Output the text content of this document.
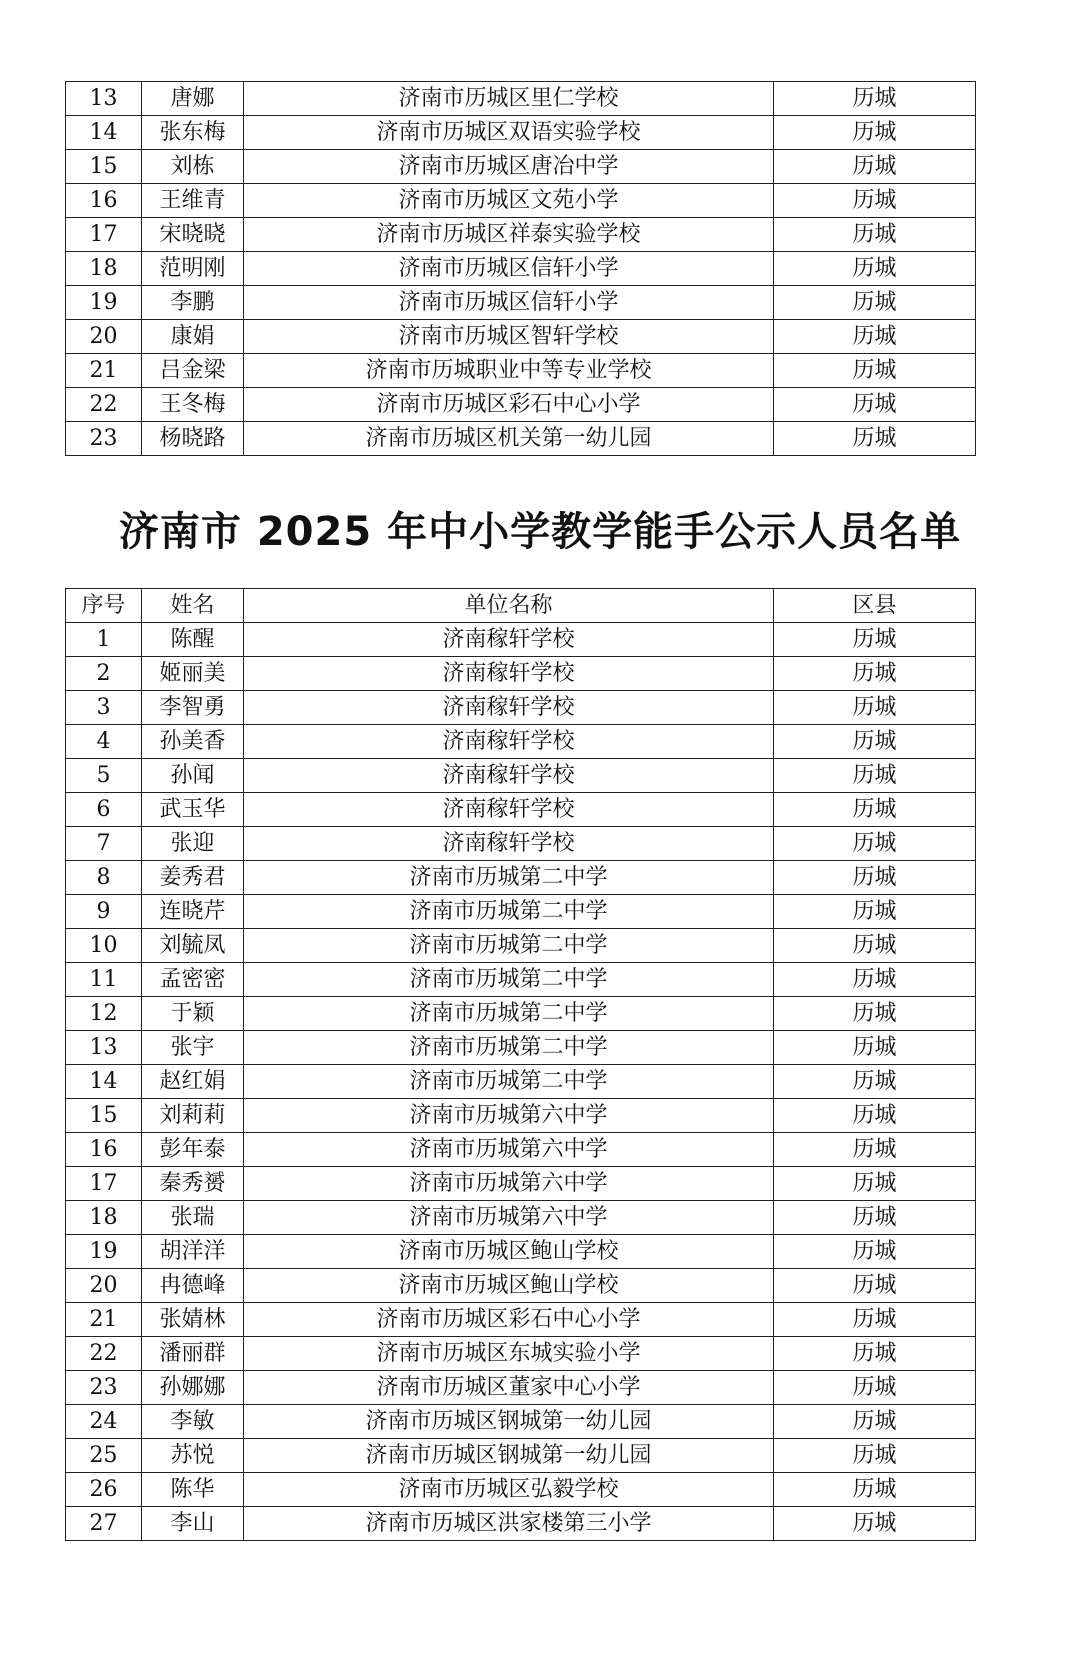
13	唐娜	济南市历城区里仁学校	历城
14	张东梅	济南市历城区双语实验学校	历城
15	刘栋	济南市历城区唐冶中学	历城
16	王维青	济南市历城区文苑小学	历城
17	宋晓晓	济南市历城区祥泰实验学校	历城
18	范明刚	济南市历城区信轩小学	历城
19	李鹏	济南市历城区信轩小学	历城
20	康娟	济南市历城区智轩学校	历城
21	吕金梁	济南市历城职业中等专业学校	历城
22	王冬梅	济南市历城区彩石中心小学	历城
23	杨晓路	济南市历城区机关第一幼儿园	历城
济南市 2025 年中小学教学能手公示人员名单
序号	姓名	单位名称	区县
1	陈醒	济南稼轩学校	历城
2	姬丽美	济南稼轩学校	历城
3	李智勇	济南稼轩学校	历城
4	孙美香	济南稼轩学校	历城
5	孙闻	济南稼轩学校	历城
6	武玉华	济南稼轩学校	历城
7	张迎	济南稼轩学校	历城
8	姜秀君	济南市历城第二中学	历城
9	连晓芹	济南市历城第二中学	历城
10	刘毓凤	济南市历城第二中学	历城
11	孟密密	济南市历城第二中学	历城
12	于颖	济南市历城第二中学	历城
13	张宇	济南市历城第二中学	历城
14	赵红娟	济南市历城第二中学	历城
15	刘莉莉	济南市历城第六中学	历城
16	彭年泰	济南市历城第六中学	历城
17	秦秀赟	济南市历城第六中学	历城
18	张瑞	济南市历城第六中学	历城
19	胡洋洋	济南市历城区鲍山学校	历城
20	冉德峰	济南市历城区鲍山学校	历城
21	张婧林	济南市历城区彩石中心小学	历城
22	潘丽群	济南市历城区东城实验小学	历城
23	孙娜娜	济南市历城区董家中心小学	历城
24	李敏	济南市历城区钢城第一幼儿园	历城
25	苏悦	济南市历城区钢城第一幼儿园	历城
26	陈华	济南市历城区弘毅学校	历城
27	李山	济南市历城区洪家楼第三小学	历城
